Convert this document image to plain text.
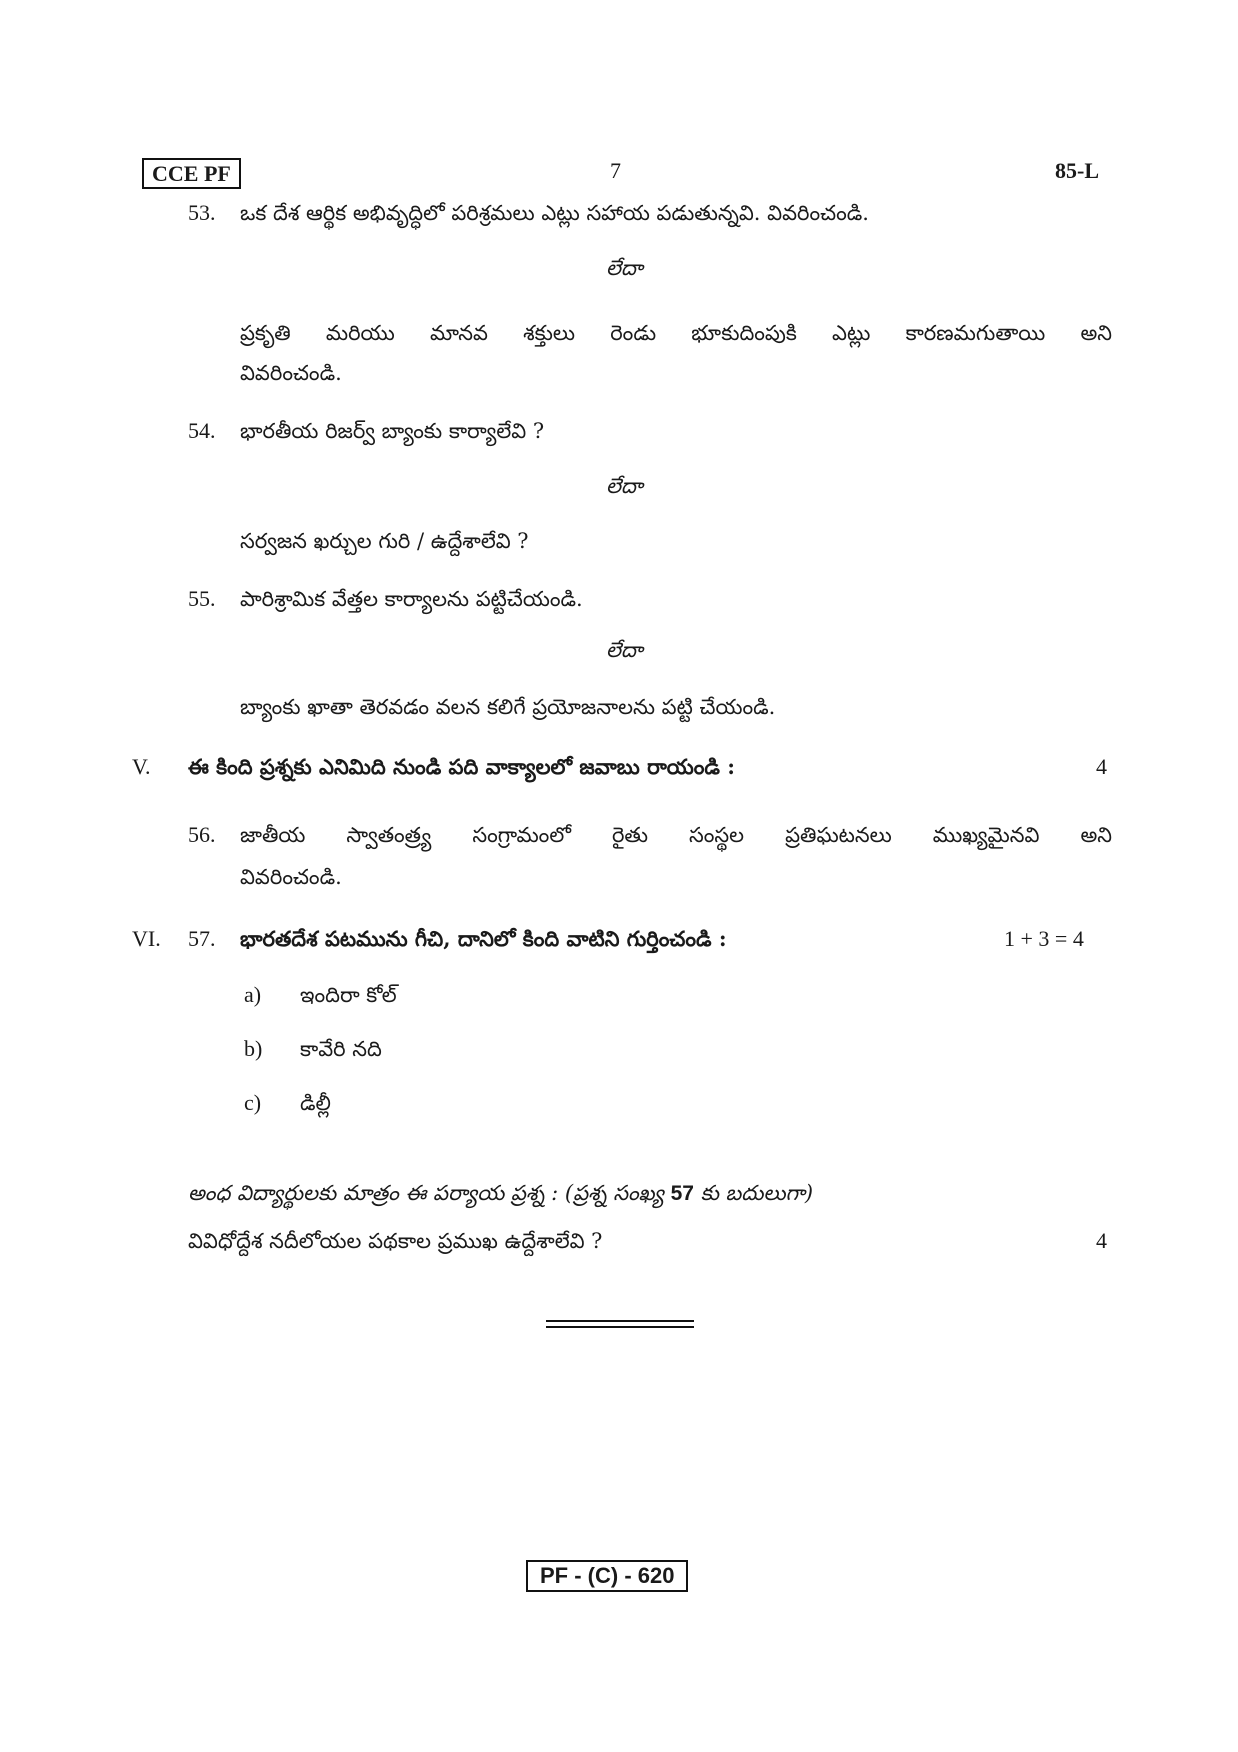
CCE PF	7	85-L
53. ఒక దేశ ఆర్థిక అభివృద్ధిలో పరిశ్రమలు ఎట్లు సహాయ పడుతున్నవి. వివరించండి.
లేదా
ప్రకృతి మరియు మానవ శక్తులు రెండు భూకుదింపుకి ఎట్లు కారణమగుతాయి అని
వివరించండి.
54. భారతీయ రిజర్వ్ బ్యాంకు కార్యాలేవి ?
లేదా
సర్వజన ఖర్చుల గురి / ఉద్దేశాలేవి ?
55. పారిశ్రామిక వేత్తల కార్యాలను పట్టిచేయండి.
లేదా
బ్యాంకు ఖాతా తెరవడం వలన కలిగే ప్రయోజనాలను పట్టి చేయండి.
V. ఈ కింది ప్రశ్నకు ఎనిమిది నుండి పది వాక్యాలలో జవాబు రాయండి :	4
56. జాతీయ స్వాతంత్ర్య సంగ్రామంలో రైతు సంస్థల ప్రతిఘటనలు ముఖ్యమైనవి అని
వివరించండి.
VI. 57. భారతదేశ పటమును గీచి, దానిలో కింది వాటిని గుర్తించండి :	1 + 3 = 4
a) ఇందిరా కోల్
b) కావేరి నది
c) డిల్లీ
అంధ విద్యార్థులకు మాత్రం ఈ పర్యాయ ప్రశ్న : (ప్రశ్న సంఖ్య 57 కు బదులుగా)
వివిధోద్దేశ నదీలోయల పథకాల ప్రముఖ ఉద్దేశాలేవి ?	4
PF - (C) - 620
